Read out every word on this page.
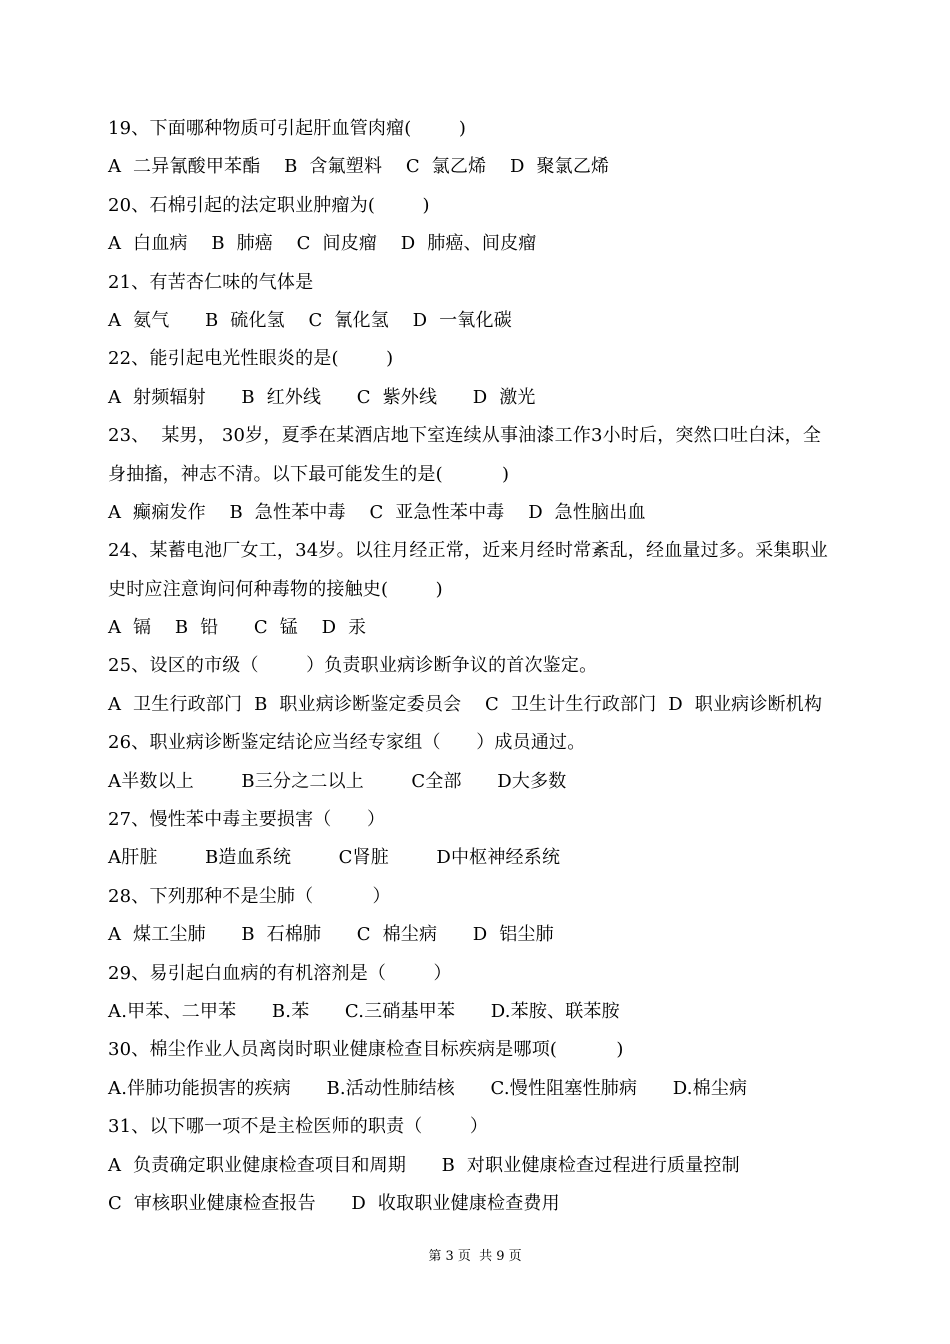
19、下面哪种物质可引起肝血管肉瘤(        )
A  二异氰酸甲苯酯    B  含氟塑料    C  氯乙烯    D  聚氯乙烯
20、石棉引起的法定职业肿瘤为(        )
A  白血病    B  肺癌    C  间皮瘤    D  肺癌、间皮瘤
21、有苦杏仁味的气体是
A  氨气      B  硫化氢    C  氰化氢    D  一氧化碳
22、能引起电光性眼炎的是(        )
A  射频辐射      B  红外线      C  紫外线      D  激光
23、  某男， 30岁，夏季在某酒店地下室连续从事油漆工作3小时后，突然口吐白沫，全
身抽搐，神志不清。以下最可能发生的是(          )
A  癫痫发作    B  急性苯中毒    C  亚急性苯中毒    D  急性脑出血
24、某蓄电池厂女工，34岁。以往月经正常，近来月经时常紊乱，经血量过多。采集职业
史时应注意询问何种毒物的接触史(        )
A  镉    B  铅      C  锰    D  汞
25、设区的市级（        ）负责职业病诊断争议的首次鉴定。
A  卫生行政部门  B  职业病诊断鉴定委员会    C  卫生计生行政部门  D  职业病诊断机构
26、职业病诊断鉴定结论应当经专家组（      ）成员通过。
A半数以上        B三分之二以上        C全部      D大多数
27、慢性苯中毒主要损害（      ）
A肝脏        B造血系统        C肾脏        D中枢神经系统
28、下列那种不是尘肺（          ）
A  煤工尘肺      B  石棉肺      C  棉尘病      D  铝尘肺
29、易引起白血病的有机溶剂是（        ）
A.甲苯、二甲苯      B.苯      C.三硝基甲苯      D.苯胺、联苯胺
30、棉尘作业人员离岗时职业健康检查目标疾病是哪项(          )
A.伴肺功能损害的疾病      B.活动性肺结核      C.慢性阻塞性肺病      D.棉尘病
31、以下哪一项不是主检医师的职责（        ）
A  负责确定职业健康检查项目和周期      B  对职业健康检查过程进行质量控制
C  审核职业健康检查报告      D  收取职业健康检查费用
第 3 页  共 9 页
